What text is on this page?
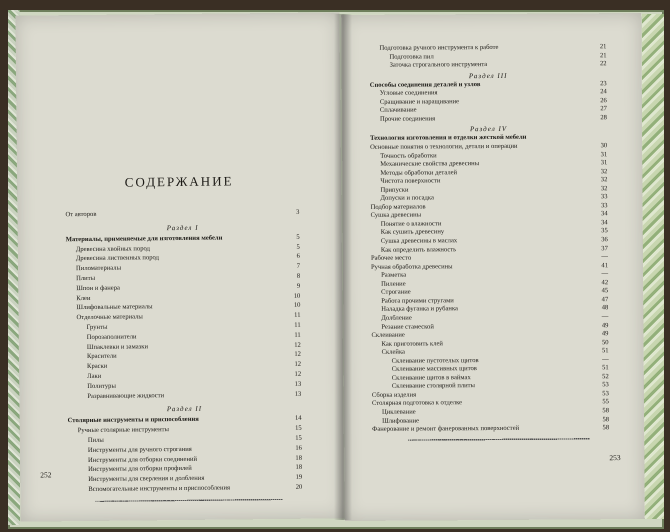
СОДЕРЖАНИЕ
252
От авторов	3
Раздел I
Материалы, применяемые для изготовления мебели	5
Древесина хвойных пород	5
Древесина лиственных пород	6
Пиломатериалы	7
Плиты	8
Шпон и фанера	9
Клеи	10
Шлифовальные материалы	10
Отделочные материалы	11
Грунты	11
Порозаполнители	11
Шпаклевки и замазки	12
Красители	12
Краски	12
Лаки	12
Политуры	13
Разравнивающие жидкости	13
Раздел II
Столярные инструменты и приспособления	14
Ручные столярные инструменты	15
Пилы	15
Инструменты для ручного строгания	16
Инструменты для отборки соединений	18
Инструменты для отборки профилей	18
Инструменты для сверления и долбления	19
Вспомогательные инструменты и приспособления	20
253
Подготовка ручного инструмента к работе	21
Подготовка пил	21
Заточка строгального инструмента	22
Раздел III
Способы соединения деталей и узлов	23
Угловые соединения	24
Сращивание и наращивание	26
Сплачивание	27
Прочие соединения	28
Раздел IV
Технология изготовления и отделки жесткой мебели
Основные понятия о технологии, детали и операции	30
Точность обработки	31
Механические свойства древесины	31
Методы обработки деталей	32
Чистота поверхности	32
Припуски	32
Допуски и посадка	33
Подбор материалов	33
Сушка древесины	34
Понятие о влажности	34
Как сушить древесину	35
Сушка древесины в маслах	36
Как определить влажность	37
Рабочее место	—
Ручная обработка древесины	41
Разметка	—
Пиление	42
Строгание	45
Работа прочими стругами	47
Наладка фуганка и рубанка	48
Долбление	—
Резание стамеской	49
Склеивание	49
Как приготовить клей	50
Склейка	51
Склеивание пустотелых щитов	—
Склеивание массивных щитов	51
Склеивание щитов в ваймах	52
Склеивание столярной плиты	53
Сборка изделия	53
Столярная подготовка к отделке	55
Циклевание	58
Шлифование	58
Фанерование и ремонт фанерованных поверхностей	58
